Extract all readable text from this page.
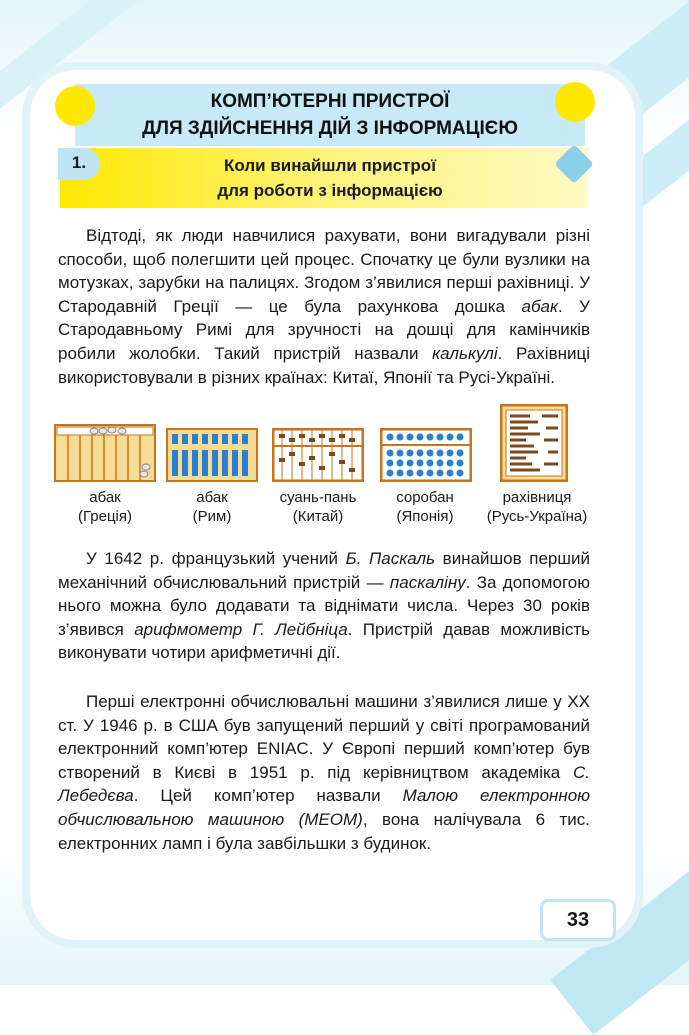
КОМП’ЮТЕРНІ ПРИСТРОЇ
ДЛЯ ЗДІЙСНЕННЯ ДІЙ З ІНФОРМАЦІЄЮ
1.	Коли винайшли пристрої
для роботи з інформацією

Відтоді, як люди навчилися рахувати, вони вигадували різні способи, щоб полегшити цей процес. Спочатку це були вузлики на мотузках, зарубки на палицях. Згодом з’явилися перші рахівниці. У Стародавній Греції — це була рахункова дошка абак. У Стародавньому Римі для зручності на дошці для камінчиків робили жолобки. Такий пристрій назвали калькулі. Рахівниці використовували в різних країнах: Китаї, Японії та Русі-Україні.

абак
(Греція)
абак
(Рим)
суань-пань
(Китай)
соробан
(Японія)
рахівниця
(Русь-Україна)

У 1642 р. французький учений Б. Паскаль винайшов перший механічний обчислювальний пристрій — паскаліну. За допомогою нього можна було додавати та віднімати числа. Через 30 років з’явився арифмометр Г. Лейбніца. Пристрій давав можливість виконувати чотири арифметичні дії.

Перші електронні обчислювальні машини з’явилися лише у XX ст. У 1946 р. в США був запущений перший у світі програмований електронний комп’ютер ENIAC. У Європі перший комп’ютер був створений в Києві в 1951 р. під керівництвом академіка С. Лебедєва. Цей комп’ютер назвали Малою електронною обчислювальною машиною (МЕОМ), вона налічувала 6 тис. електронних ламп і була завбільшки з будинок.

33
